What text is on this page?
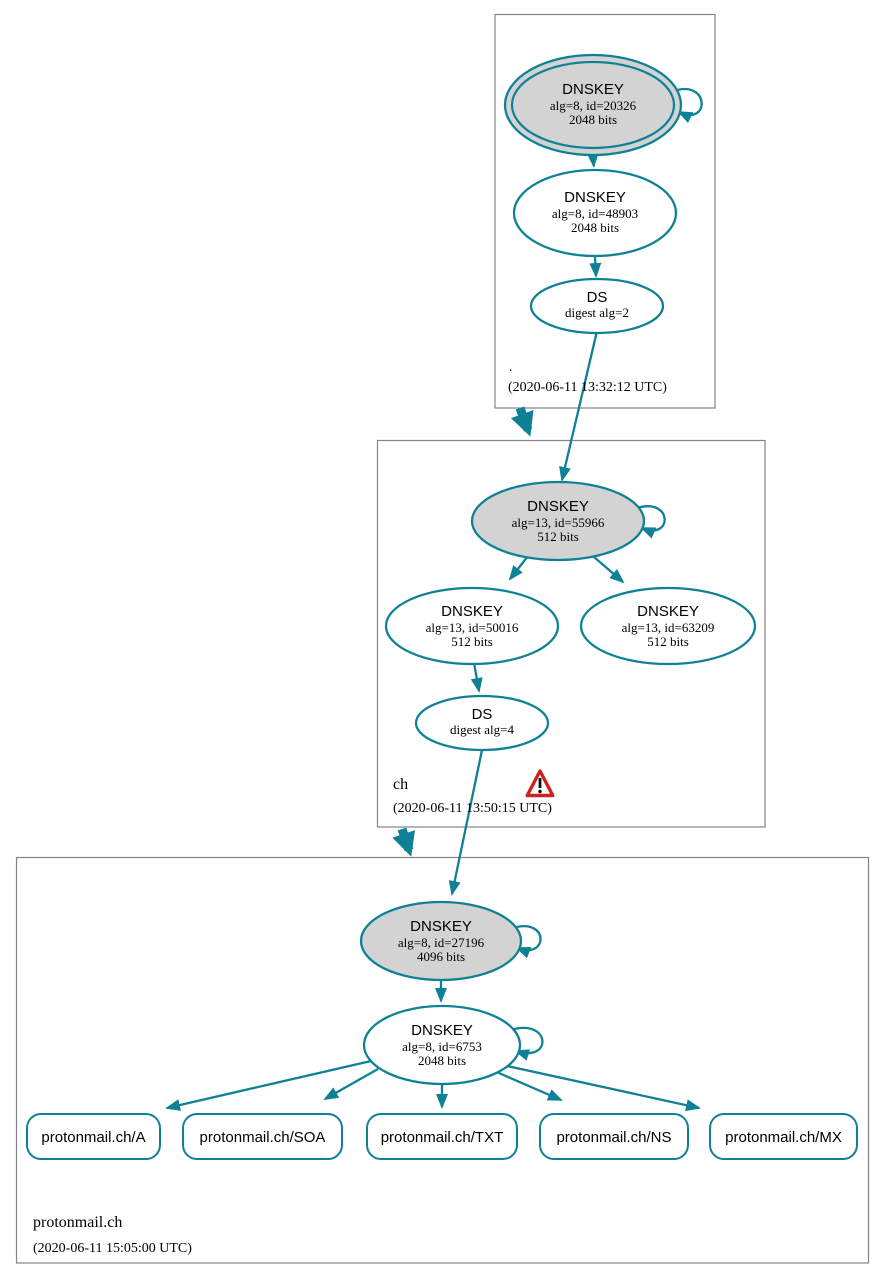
DNSKEY
alg=8, id=20326
2048 bits
DNSKEY
alg=8, id=48903
2048 bits
DS
digest alg=2
.
(2020-06-11 13:32:12 UTC)
DNSKEY
alg=13, id=55966
512 bits
DNSKEY
alg=13, id=50016
512 bits
DNSKEY
alg=13, id=63209
512 bits
DS
digest alg=4
ch
(2020-06-11 13:50:15 UTC)
DNSKEY
alg=8, id=27196
4096 bits
DNSKEY
alg=8, id=6753
2048 bits
protonmail.ch/A	protonmail.ch/SOA	protonmail.ch/TXT	protonmail.ch/NS	protonmail.ch/MX
protonmail.ch
(2020-06-11 15:05:00 UTC)
